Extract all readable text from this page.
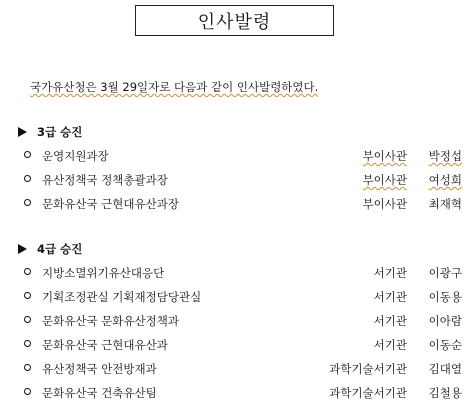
인사발령
국가유산청은 3월 29일자로 다음과 같이 인사발령하였다.
3급 승진
운영지원과장	부이사관 박정섭
유산정책국 정책총괄과장	부이사관 여성희
문화유산국 근현대유산과장	부이사관 최재혁
4급 승진
지방소멸위기유산대응단	서기관 이광구
기획조정관실 기획재정담당관실	서기관 이동용
문화유산국 문화유산정책과	서기관 이아람
문화유산국 근현대유산과	서기관 이동순
유산정책국 안전방재과	과학기술서기관 김대열
문화유산국 건축유산팀	과학기술서기관 김철용
